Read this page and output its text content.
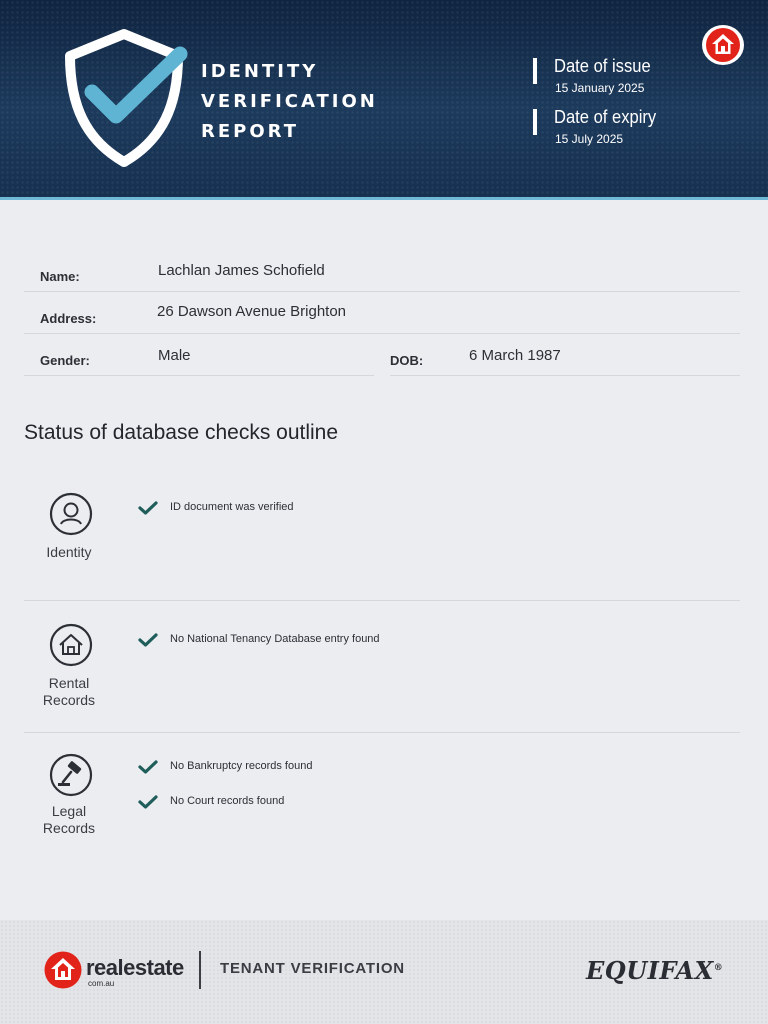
IDENTITY
VERIFICATION
REPORT
Date of issue
15 January 2025
Date of expiry
15 July 2025
Name:	Lachlan James Schofield
Address:	26 Dawson Avenue Brighton
Gender:	Male	DOB:	6 March 1987
Status of database checks outline
Identity
ID document was verified
Rental
Records
No National Tenancy Database entry found
Legal
Records
No Bankruptcy records found
No Court records found
realestate
com.au
TENANT VERIFICATION	EQUIFAX®
